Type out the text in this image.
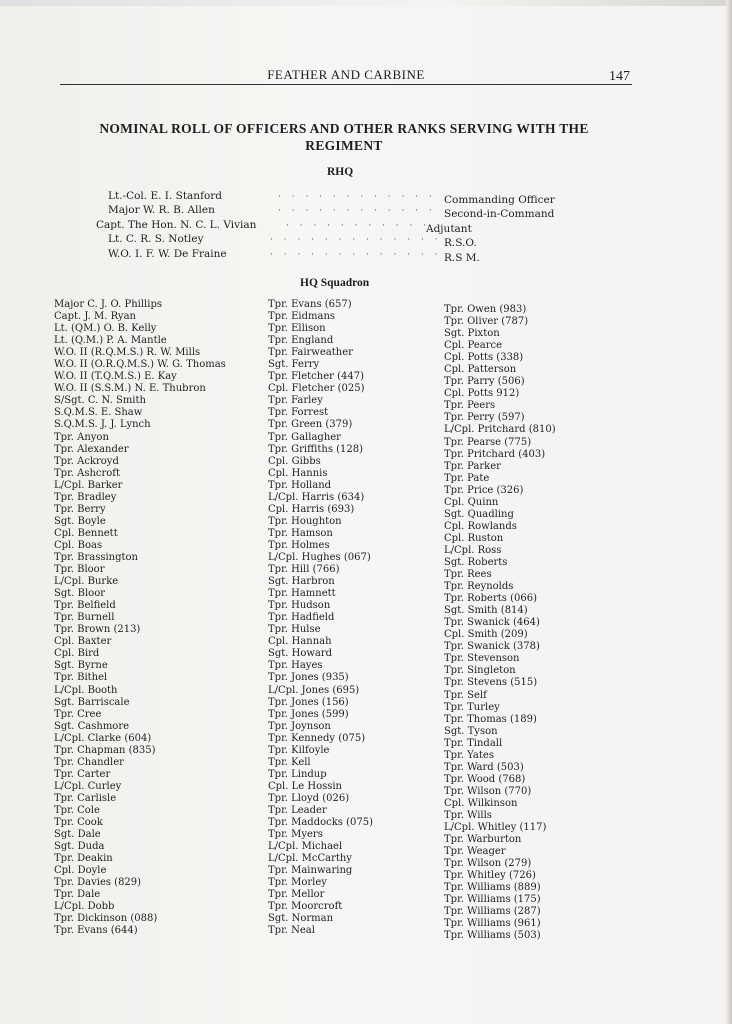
FEATHER AND CARBINE	147
NOMINAL ROLL OF OFFICERS AND OTHER RANKS SERVING WITH THE
REGIMENT
RHQ
Lt.-Col. E. I. Stanford
Major W. R. B. Allen
Capt. The Hon. N. C. L. Vivian
Lt. C. R. S. Notley
W.O. I. F. W. De Fraine
· · · · · · · · · · · ·
· · · · · · · · · · · ·
· · · · · · · · · · ·
· · · · · · · · · · · · ·
· · · · · · · · · · · · ·
Commanding Officer
Second-in-Command
Adjutant
R.S.O.
R.S M.
HQ Squadron
Major C. J. O. Phillips
Capt. J. M. Ryan
Lt. (QM.) O. B. Kelly
Lt. (Q.M.) P. A. Mantle
W.O. II (R.Q.M.S.) R. W. Mills
W.O. II (O.R.Q.M.S.) W. G. Thomas
W.O. II (T.Q.M.S.) E. Kay
W.O. II (S.S.M.) N. E. Thubron
S/Sgt. C. N. Smith
S.Q.M.S. E. Shaw
S.Q.M.S. J. J. Lynch
Tpr. Anyon
Tpr. Alexander
Tpr. Ackroyd
Tpr. Ashcroft
L/Cpl. Barker
Tpr. Bradley
Tpr. Berry
Sgt. Boyle
Cpl. Bennett
Cpl. Boas
Tpr. Brassington
Tpr. Bloor
L/Cpl. Burke
Sgt. Bloor
Tpr. Belfield
Tpr. Burnell
Tpr. Brown (213)
Cpl. Baxter
Cpl. Bird
Sgt. Byrne
Tpr. Bithel
L/Cpl. Booth
Sgt. Barriscale
Tpr. Cree
Sgt. Cashmore
L/Cpl. Clarke (604)
Tpr. Chapman (835)
Tpr. Chandler
Tpr. Carter
L/Cpl. Curley
Tpr. Carlisle
Tpr. Cole
Tpr. Cook
Sgt. Dale
Sgt. Duda
Tpr. Deakin
Cpl. Doyle
Tpr. Davies (829)
Tpr. Dale
L/Cpl. Dobb
Tpr. Dickinson (088)
Tpr. Evans (644)
Tpr. Evans (657)
Tpr. Eidmans
Tpr. Ellison
Tpr. England
Tpr. Fairweather
Sgt. Ferry
Tpr. Fletcher (447)
Cpl. Fletcher (025)
Tpr. Farley
Tpr. Forrest
Tpr. Green (379)
Tpr. Gallagher
Tpr. Griffiths (128)
Cpl. Gibbs
Cpl. Hannis
Tpr. Holland
L/Cpl. Harris (634)
Cpl. Harris (693)
Tpr. Houghton
Tpr. Hamson
Tpr. Holmes
L/Cpl. Hughes (067)
Tpr. Hill (766)
Sgt. Harbron
Tpr. Hamnett
Tpr. Hudson
Tpr. Hadfield
Tpr. Hulse
Cpl. Hannah
Sgt. Howard
Tpr. Hayes
Tpr. Jones (935)
L/Cpl. Jones (695)
Tpr. Jones (156)
Tpr. Jones (599)
Tpr. Joynson
Tpr. Kennedy (075)
Tpr. Kilfoyle
Tpr. Kell
Tpr. Lindup
Cpl. Le Hossin
Tpr. Lloyd (026)
Tpr. Leader
Tpr. Maddocks (075)
Tpr. Myers
L/Cpl. Michael
L/Cpl. McCarthy
Tpr. Mainwaring
Tpr. Morley
Tpr. Mellor
Tpr. Moorcroft
Sgt. Norman
Tpr. Neal
Tpr. Owen (983)
Tpr. Oliver (787)
Sgt. Pixton
Cpl. Pearce
Cpl. Potts (338)
Cpl. Patterson
Tpr. Parry (506)
Cpl. Potts 912)
Tpr. Peers
Tpr. Perry (597)
L/Cpl. Pritchard (810)
Tpr. Pearse (775)
Tpr. Pritchard (403)
Tpr. Parker
Tpr. Pate
Tpr. Price (326)
Cpl. Quinn
Sgt. Quadling
Cpl. Rowlands
Cpl. Ruston
L/Cpl. Ross
Sgt. Roberts
Tpr. Rees
Tpr. Reynolds
Tpr. Roberts (066)
Sgt. Smith (814)
Tpr. Swanick (464)
Cpl. Smith (209)
Tpr. Swanick (378)
Tpr. Stevenson
Tpr. Singleton
Tpr. Stevens (515)
Tpr. Self
Tpr. Turley
Tpr. Thomas (189)
Sgt. Tyson
Tpr. Tindall
Tpr. Yates
Tpr. Ward (503)
Tpr. Wood (768)
Tpr. Wilson (770)
Cpl. Wilkinson
Tpr. Wills
L/Cpl. Whitley (117)
Tpr. Warburton
Tpr. Weager
Tpr. Wilson (279)
Tpr. Whitley (726)
Tpr. Williams (889)
Tpr. Williams (175)
Tpr. Williams (287)
Tpr. Williams (961)
Tpr. Williams (503)
